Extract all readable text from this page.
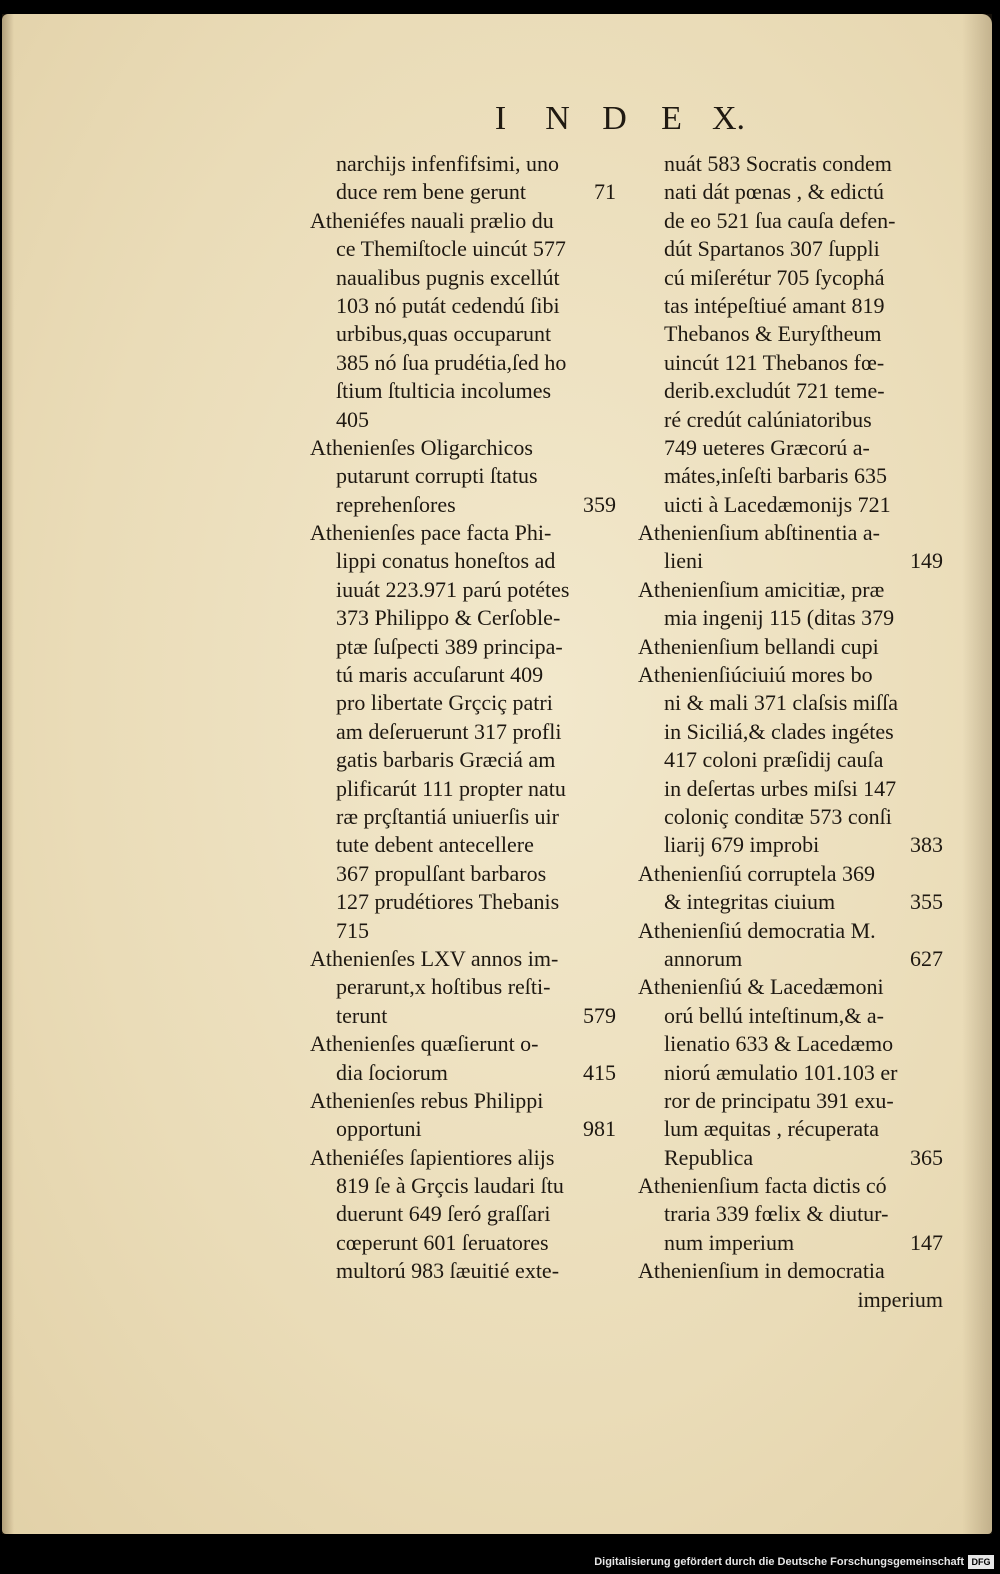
I N D E X.
narchijs infenfifsimi, uno
duce rem bene gerunt	71
Atheniéfes nauali prælio du
ce Themiſtocle uincút 577
naualibus pugnis excellút
103 nó putát cedendú ſibi
urbibus,quas occuparunt
385 nó ſua prudétia,ſed ho
ſtium ſtulticia incolumes
405
Athenienſes Oligarchicos
putarunt corrupti ſtatus
reprehenſores	359
Athenienſes pace facta Phi-
lippi conatus honeſtos ad
iuuát 223.971 parú potétes
373 Philippo & Cerſoble-
ptæ ſuſpecti 389 principa-
tú maris accuſarunt 409
pro libertate Grçciç patri
am deſeruerunt 317 profli
gatis barbaris Græciá am
plificarút 111 propter natu
ræ prçſtantiá uniuerſis uir
tute debent antecellere
367 propulſant barbaros
127 prudétiores Thebanis
715
Athenienſes LXV annos im-
perarunt,x hoſtibus reſti-
terunt	579
Athenienſes quæſierunt o-
dia ſociorum	415
Athenienſes rebus Philippi
opportuni	981
Atheniéſes ſapientiores alijs
819 ſe à Grçcis laudari ſtu
duerunt 649 ſeró graſſari
cœperunt 601 ſeruatores
multorú 983 ſæuitié exte-
nuát 583 Socratis condem
nati dát pœnas , & edictú
de eo 521 ſua cauſa defen-
dút Spartanos 307 ſuppli
cú miſerétur 705 ſycophá
tas intépeſtiué amant 819
Thebanos & Euryſtheum
uincút 121 Thebanos fœ-
derib.excludút 721 teme-
ré credút calúniatoribus
749 ueteres Græcorú a-
mátes,inſeſti barbaris 635
uicti à Lacedæmonijs 721
Athenienſium abſtinentia a-
lieni	149
Athenienſium amicitiæ, præ
mia ingenij 115 (ditas 379
Athenienſium bellandi cupi
Athenienſiúciuiú mores bo
ni & mali 371 claſsis miſſa
in Siciliá,& clades ingétes
417 coloni præſidij cauſa
in deſertas urbes miſsi 147
coloniç conditæ 573 conſi
liarij 679 improbi	383
Athenienſiú corruptela 369
& integritas ciuium	355
Athenienſiú democratia M.
annorum	627
Athenienſiú & Lacedæmoni
orú bellú inteſtinum,& a-
lienatio 633 & Lacedæmo
niorú æmulatio 101.103 er
ror de principatu 391 exu-
lum æquitas , récuperata
Republica	365
Athenienſium facta dictis có
traria 339 fœlix & diutur-
num imperium	147
Athenienſium in democratia
imperium
Digitalisierung gefördert durch die Deutsche Forschungsgemeinschaft DFG
